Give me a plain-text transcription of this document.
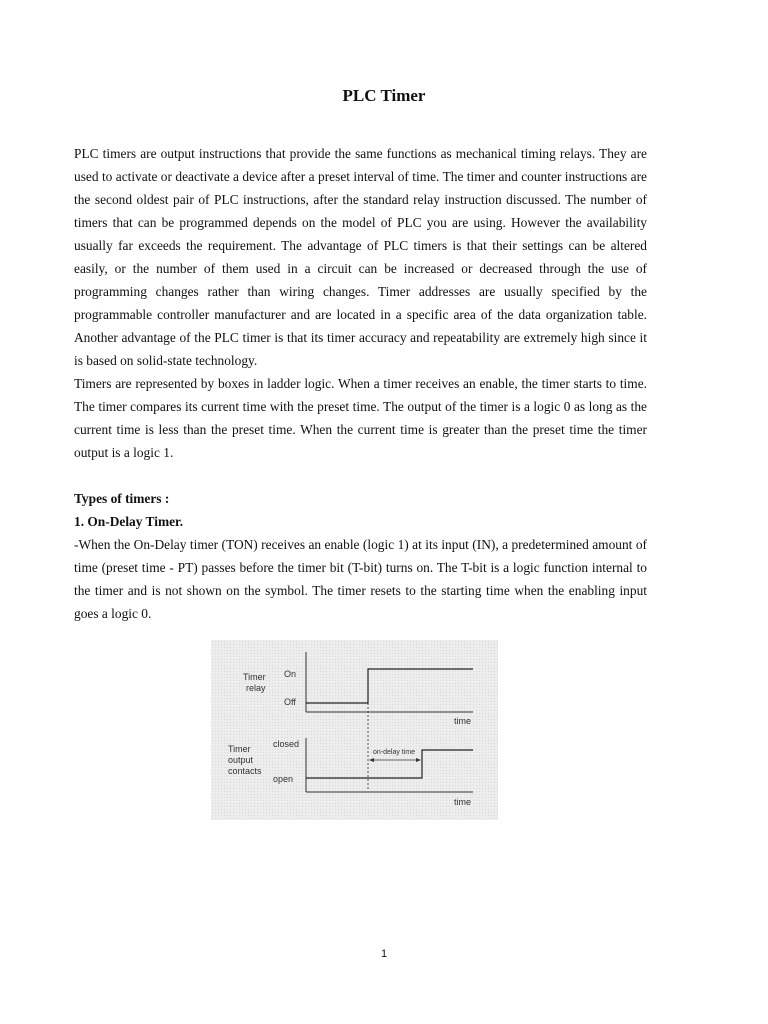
PLC Timer

PLC timers are output instructions that provide the same functions as mechanical timing relays. They are used to activate or deactivate a device after a preset interval of time. The timer and counter instructions are the second oldest pair of PLC instructions, after the standard relay instruction discussed. The number of timers that can be programmed depends on the model of PLC you are using. However the availability usually far exceeds the requirement. The advantage of PLC timers is that their settings can be altered easily, or the number of them used in a circuit can be increased or decreased through the use of programming changes rather than wiring changes. Timer addresses are usually specified by the programmable controller manufacturer and are located in a specific area of the data organization table. Another advantage of the PLC timer is that its timer accuracy and repeatability are extremely high since it is based on solid-state technology.

Timers are represented by boxes in ladder logic. When a timer receives an enable, the timer starts to time. The timer compares its current time with the preset time. The output of the timer is a logic 0 as long as the current time is less than the preset time. When the current time is greater than the preset time the timer output is a logic 1.

Types of timers :

1. On-Delay Timer.

-When the On-Delay timer (TON) receives an enable (logic 1) at its input (IN), a predetermined amount of time (preset time - PT) passes before the timer bit (T-bit) turns on. The T-bit is a logic function internal to the timer and is not shown on the symbol. The timer resets to the starting time when the enabling input goes a logic 0.

Timer
relay
On
Off
time
Timer
output
contacts
closed
open
time
on-delay time
1
